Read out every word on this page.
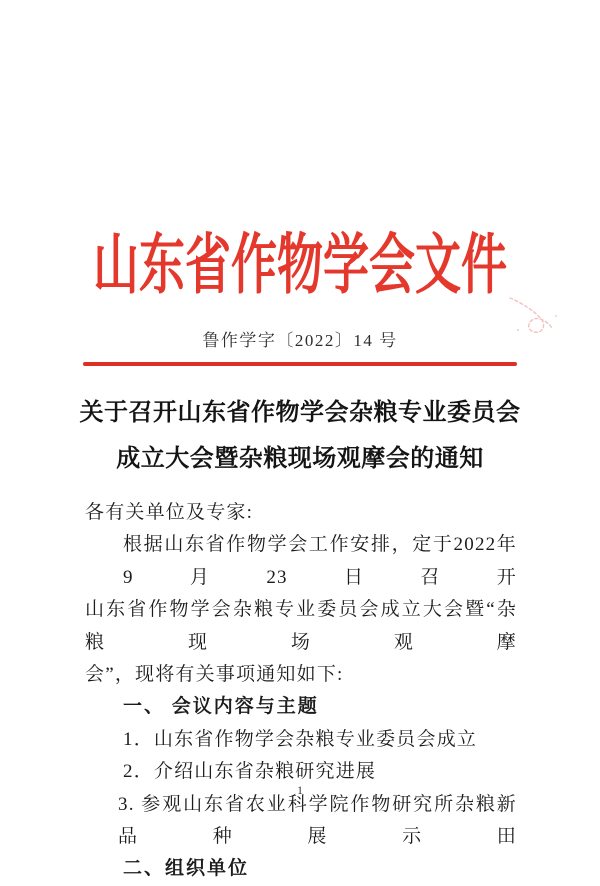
山东省作物学会文件
鲁作学字〔2022〕14 号
关于召开山东省作物学会杂粮专业委员会
成立大会暨杂粮现场观摩会的通知
各有关单位及专家:
根据山东省作物学会工作安排，定于2022年9月23日召开
山东省作物学会杂粮专业委员会成立大会暨“杂粮现场观摩
会”，现将有关事项通知如下:
一、 会议内容与主题
1．山东省作物学会杂粮专业委员会成立
2．介绍山东省杂粮研究进展
3. 参观山东省农业科学院作物研究所杂粮新品种展示田
二、组织单位
1
